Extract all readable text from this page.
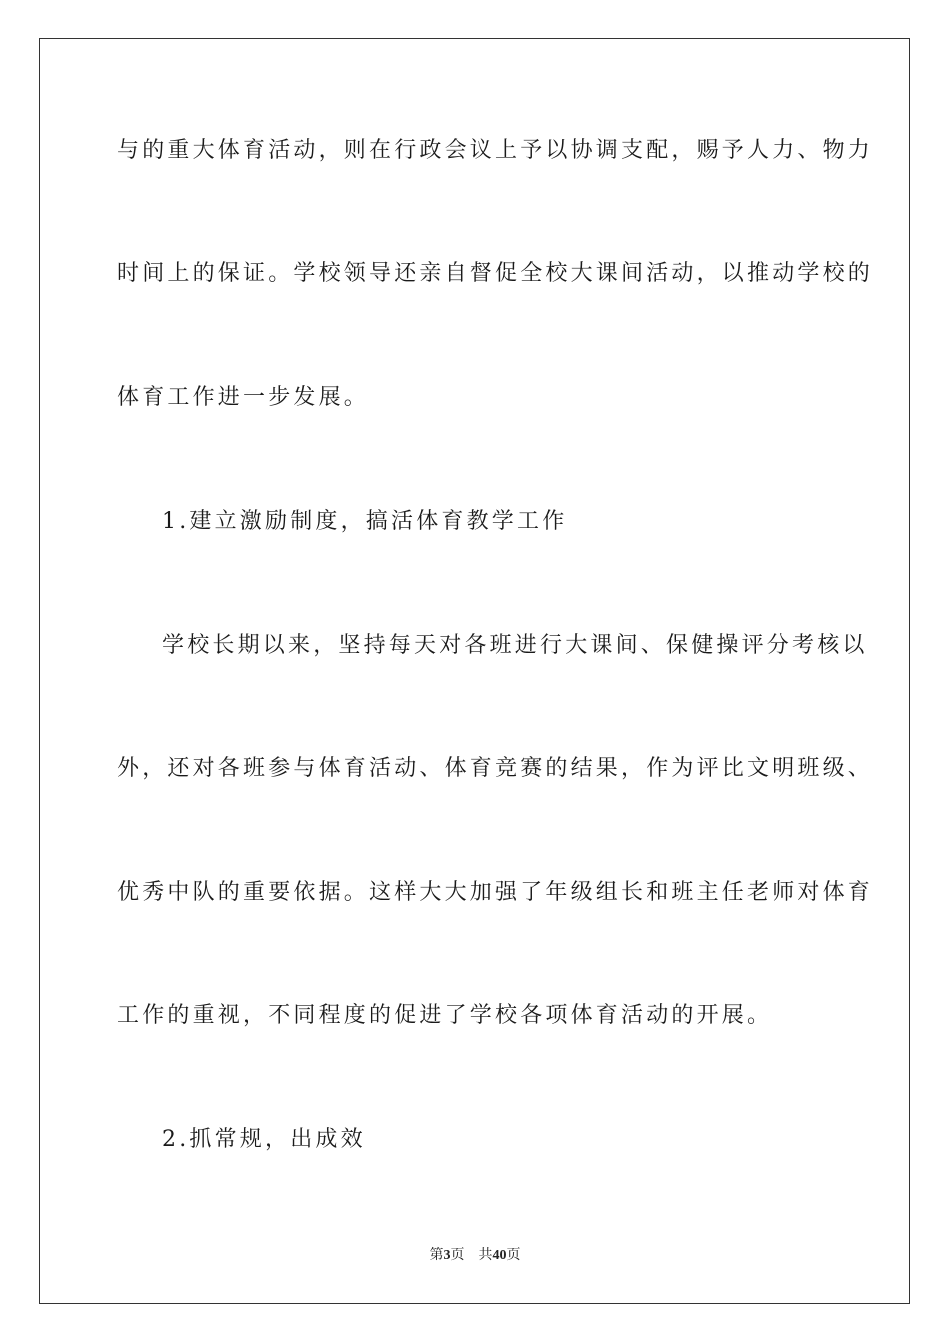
与的重大体育活动，则在行政会议上予以协调支配，赐予人力、物力
时间上的保证。学校领导还亲自督促全校大课间活动，以推动学校的
体育工作进一步发展。
1.建立激励制度，搞活体育教学工作
学校长期以来，坚持每天对各班进行大课间、保健操评分考核以
外，还对各班参与体育活动、体育竞赛的结果，作为评比文明班级、
优秀中队的重要依据。这样大大加强了年级组长和班主任老师对体育
工作的重视，不同程度的促进了学校各项体育活动的开展。
2.抓常规，出成效
第3页 共40页
